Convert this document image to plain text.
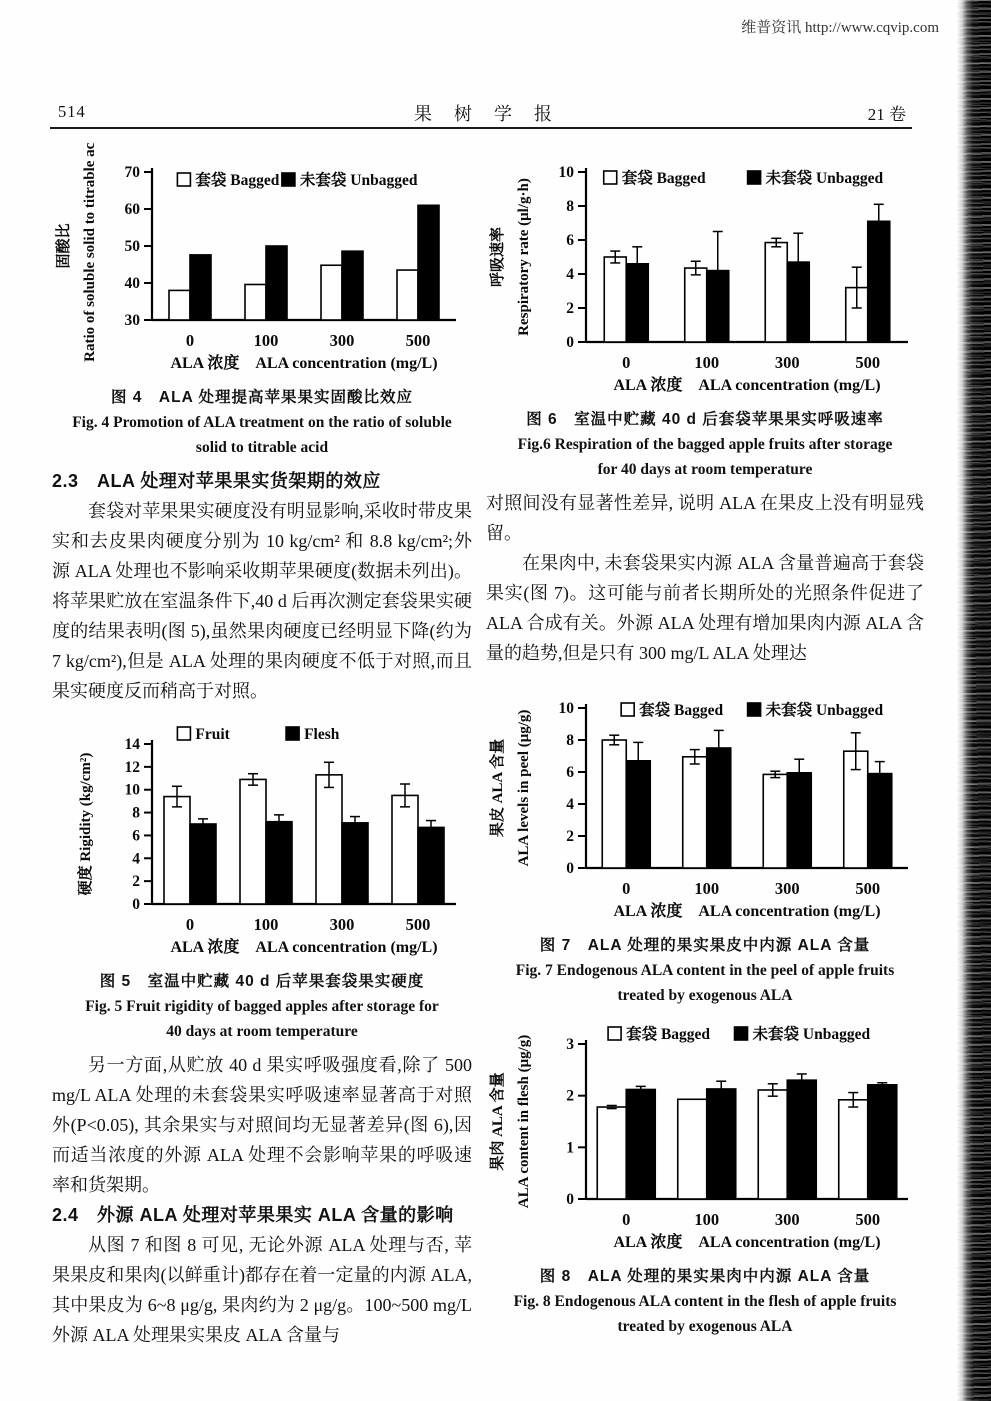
维普资讯 http://www.cqvip.com
514	果　树　学　报	21 卷
30
40
50
60
70
固酸比 Ratio of soluble solid to titrable acid	0	100	300	500
套袋 Bagged 未套袋 Unbagged
ALA 浓度　ALA concentration (mg/L)
图 4　ALA 处理提高苹果果实固酸比效应
Fig. 4 Promotion of ALA treatment on the ratio of soluble
solid to titrable acid
2.3　ALA 处理对苹果果实货架期的效应

套袋对苹果果实硬度没有明显影响,采收时带皮果实和去皮果肉硬度分别为 10 kg/cm² 和 8.8 kg/cm²;外源 ALA 处理也不影响采收期苹果硬度(数据未列出)。将苹果贮放在室温条件下,40 d 后再次测定套袋果实硬度的结果表明(图 5),虽然果肉硬度已经明显下降(约为 7 kg/cm²),但是 ALA 处理的果肉硬度不低于对照,而且果实硬度反而稍高于对照。

0
2
4
6
8
10
12
14
硬度 Rigidity (kg/cm²)
0	100	300	500
Fruit	Flesh
ALA 浓度　ALA concentration (mg/L)
图 5　室温中贮藏 40 d 后苹果套袋果实硬度
Fig. 5 Fruit rigidity of bagged apples after storage for
40 days at room temperature

另一方面,从贮放 40 d 果实呼吸强度看,除了 500 mg/L ALA 处理的未套袋果实呼吸速率显著高于对照外(P<0.05), 其余果实与对照间均无显著差异(图 6),因而适当浓度的外源 ALA 处理不会影响苹果的呼吸速率和货架期。

2.4　外源 ALA 处理对苹果果实 ALA 含量的影响

从图 7 和图 8 可见, 无论外源 ALA 处理与否, 苹果果皮和果肉(以鲜重计)都存在着一定量的内源 ALA, 其中果皮为 6~8 μg/g, 果肉约为 2 μg/g。100~500 mg/L 外源 ALA 处理果实果皮 ALA 含量与

0
2
4
6
8
10
呼吸速率 Respiratory rate (μl/g·h)
0	100	300	500
套袋 Bagged	未套袋 Unbagged
ALA 浓度　ALA concentration (mg/L)
图 6　室温中贮藏 40 d 后套袋苹果果实呼吸速率
Fig.6 Respiration of the bagged apple fruits after storage
for 40 days at room temperature

对照间没有显著性差异, 说明 ALA 在果皮上没有明显残留。

在果肉中, 未套袋果实内源 ALA 含量普遍高于套袋果实(图 7)。这可能与前者长期所处的光照条件促进了 ALA 合成有关。外源 ALA 处理有增加果肉内源 ALA 含量的趋势,但是只有 300 mg/L ALA 处理达

0
2
4
6
8
10
果皮 ALA 含量 ALA levels in peel (μg/g)
0	100	300	500
套袋 Bagged	未套袋 Unbagged
ALA 浓度　ALA concentration (mg/L)
图 7　ALA 处理的果实果皮中内源 ALA 含量
Fig. 7 Endogenous ALA content in the peel of apple fruits
treated by exogenous ALA
0
1
2
3
果肉 ALA 含量 ALA content in flesh (μg/g)
0	100	300	500
套袋 Bagged	未套袋 Unbagged
ALA 浓度　ALA concentration (mg/L)
图 8　ALA 处理的果实果肉中内源 ALA 含量
Fig. 8 Endogenous ALA content in the flesh of apple fruits
treated by exogenous ALA
